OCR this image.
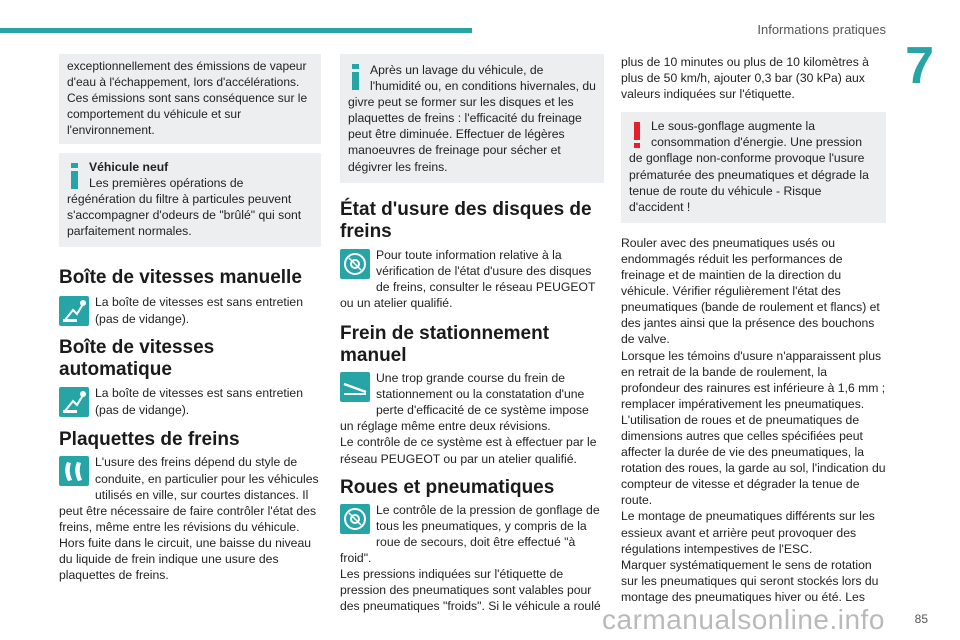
Informations pratiques
7

exceptionnellement des émissions de vapeur d'eau à l'échappement, lors d'accélérations. Ces émissions sont sans conséquence sur le comportement du véhicule et sur l'environnement.

Véhicule neuf

Les premières opérations de

régénération du filtre à particules peuvent s'accompagner d'odeurs de "brûlé" qui sont parfaitement normales.

Boîte de vitesses manuelle

La boîte de vitesses est sans entretien (pas de vidange).

Boîte de vitesses automatique

La boîte de vitesses est sans entretien (pas de vidange).

Plaquettes de freins

L'usure des freins dépend du style de conduite, en particulier pour les véhicules utilisés en ville, sur courtes distances. Il peut être nécessaire de faire contrôler l'état des freins, même entre les révisions du véhicule.

Hors fuite dans le circuit, une baisse du niveau du liquide de frein indique une usure des plaquettes de freins.

Après un lavage du véhicule, de

l'humidité ou, en conditions hivernales, du givre peut se former sur les disques et les plaquettes de freins : l'efficacité du freinage peut être diminuée. Effectuer de légères manoeuvres de freinage pour sécher et dégivrer les freins.

État d'usure des disques de freins

Pour toute information relative à la vérification de l'état d'usure des disques de freins, consulter le réseau PEUGEOT ou un atelier qualifié.

Frein de stationnement manuel

Une trop grande course du frein de stationnement ou la constatation d'une perte d'efficacité de ce système impose un réglage même entre deux révisions.

Le contrôle de ce système est à effectuer par le réseau PEUGEOT ou par un atelier qualifié.

Roues et pneumatiques

Le contrôle de la pression de gonflage de tous les pneumatiques, y compris de la roue de secours, doit être effectué "à froid".

Les pressions indiquées sur l'étiquette de pression des pneumatiques sont valables pour des pneumatiques "froids". Si le véhicule a roulé

plus de 10 minutes ou plus de 10 kilomètres à plus de 50 km/h, ajouter 0,3 bar (30 kPa) aux valeurs indiquées sur l'étiquette.

Le sous-gonflage augmente la

consommation d'énergie. Une pression de gonflage non-conforme provoque l'usure prématurée des pneumatiques et dégrade la tenue de route du véhicule - Risque d'accident !

Rouler avec des pneumatiques usés ou endommagés réduit les performances de freinage et de maintien de la direction du véhicule. Vérifier régulièrement l'état des pneumatiques (bande de roulement et flancs) et des jantes ainsi que la présence des bouchons de valve.

Lorsque les témoins d'usure n'apparaissent plus en retrait de la bande de roulement, la profondeur des rainures est inférieure à 1,6 mm ; remplacer impérativement les pneumatiques.

L'utilisation de roues et de pneumatiques de dimensions autres que celles spécifiées peut affecter la durée de vie des pneumatiques, la rotation des roues, la garde au sol, l'indication du compteur de vitesse et dégrader la tenue de route.

Le montage de pneumatiques différents sur les essieux avant et arrière peut provoquer des régulations intempestives de l'ESC.

Marquer systématiquement le sens de rotation sur les pneumatiques qui seront stockés lors du montage des pneumatiques hiver ou été. Les

carmanualsonline.info 85
